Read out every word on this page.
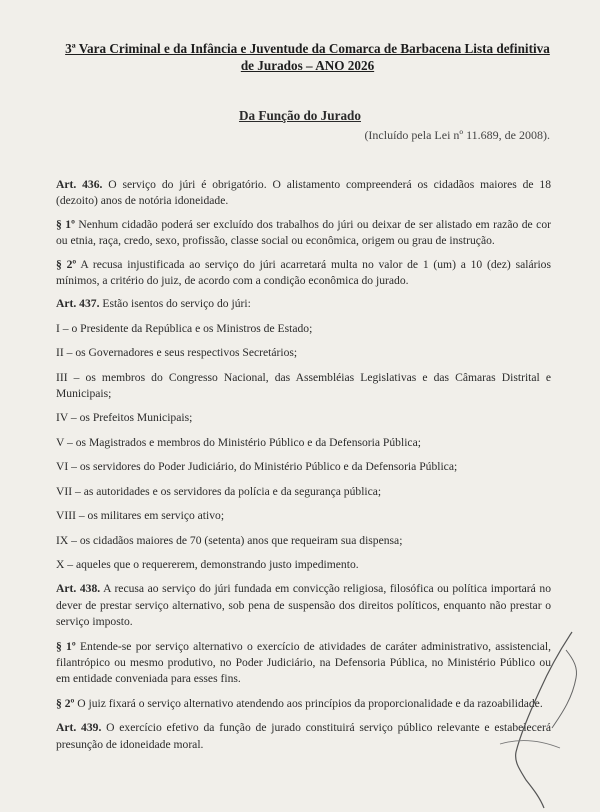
3ª Vara Criminal e da Infância e Juventude da Comarca de Barbacena Lista definitiva
de Jurados – ANO 2026
Da Função do Jurado
(Incluído pela Lei nº 11.689, de 2008).

Art. 436. O serviço do júri é obrigatório. O alistamento compreenderá os cidadãos maiores de 18 (dezoito) anos de notória idoneidade.

§ 1º Nenhum cidadão poderá ser excluído dos trabalhos do júri ou deixar de ser alistado em razão de cor ou etnia, raça, credo, sexo, profissão, classe social ou econômica, origem ou grau de instrução.

§ 2º A recusa injustificada ao serviço do júri acarretará multa no valor de 1 (um) a 10 (dez) salários mínimos, a critério do juiz, de acordo com a condição econômica do jurado.

Art. 437. Estão isentos do serviço do júri:

I – o Presidente da República e os Ministros de Estado;

II – os Governadores e seus respectivos Secretários;

III – os membros do Congresso Nacional, das Assembléias Legislativas e das Câmaras Distrital e Municipais;

IV – os Prefeitos Municipais;

V – os Magistrados e membros do Ministério Público e da Defensoria Pública;

VI – os servidores do Poder Judiciário, do Ministério Público e da Defensoria Pública;

VII – as autoridades e os servidores da polícia e da segurança pública;

VIII – os militares em serviço ativo;

IX – os cidadãos maiores de 70 (setenta) anos que requeiram sua dispensa;

X – aqueles que o requererem, demonstrando justo impedimento.

Art. 438. A recusa ao serviço do júri fundada em convicção religiosa, filosófica ou política importará no dever de prestar serviço alternativo, sob pena de suspensão dos direitos políticos, enquanto não prestar o serviço imposto.

§ 1º Entende-se por serviço alternativo o exercício de atividades de caráter administrativo, assistencial, filantrópico ou mesmo produtivo, no Poder Judiciário, na Defensoria Pública, no Ministério Público ou em entidade conveniada para esses fins.

§ 2º O juiz fixará o serviço alternativo atendendo aos princípios da proporcionalidade e da razoabilidade.

Art. 439. O exercício efetivo da função de jurado constituirá serviço público relevante e estabelecerá presunção de idoneidade moral.
